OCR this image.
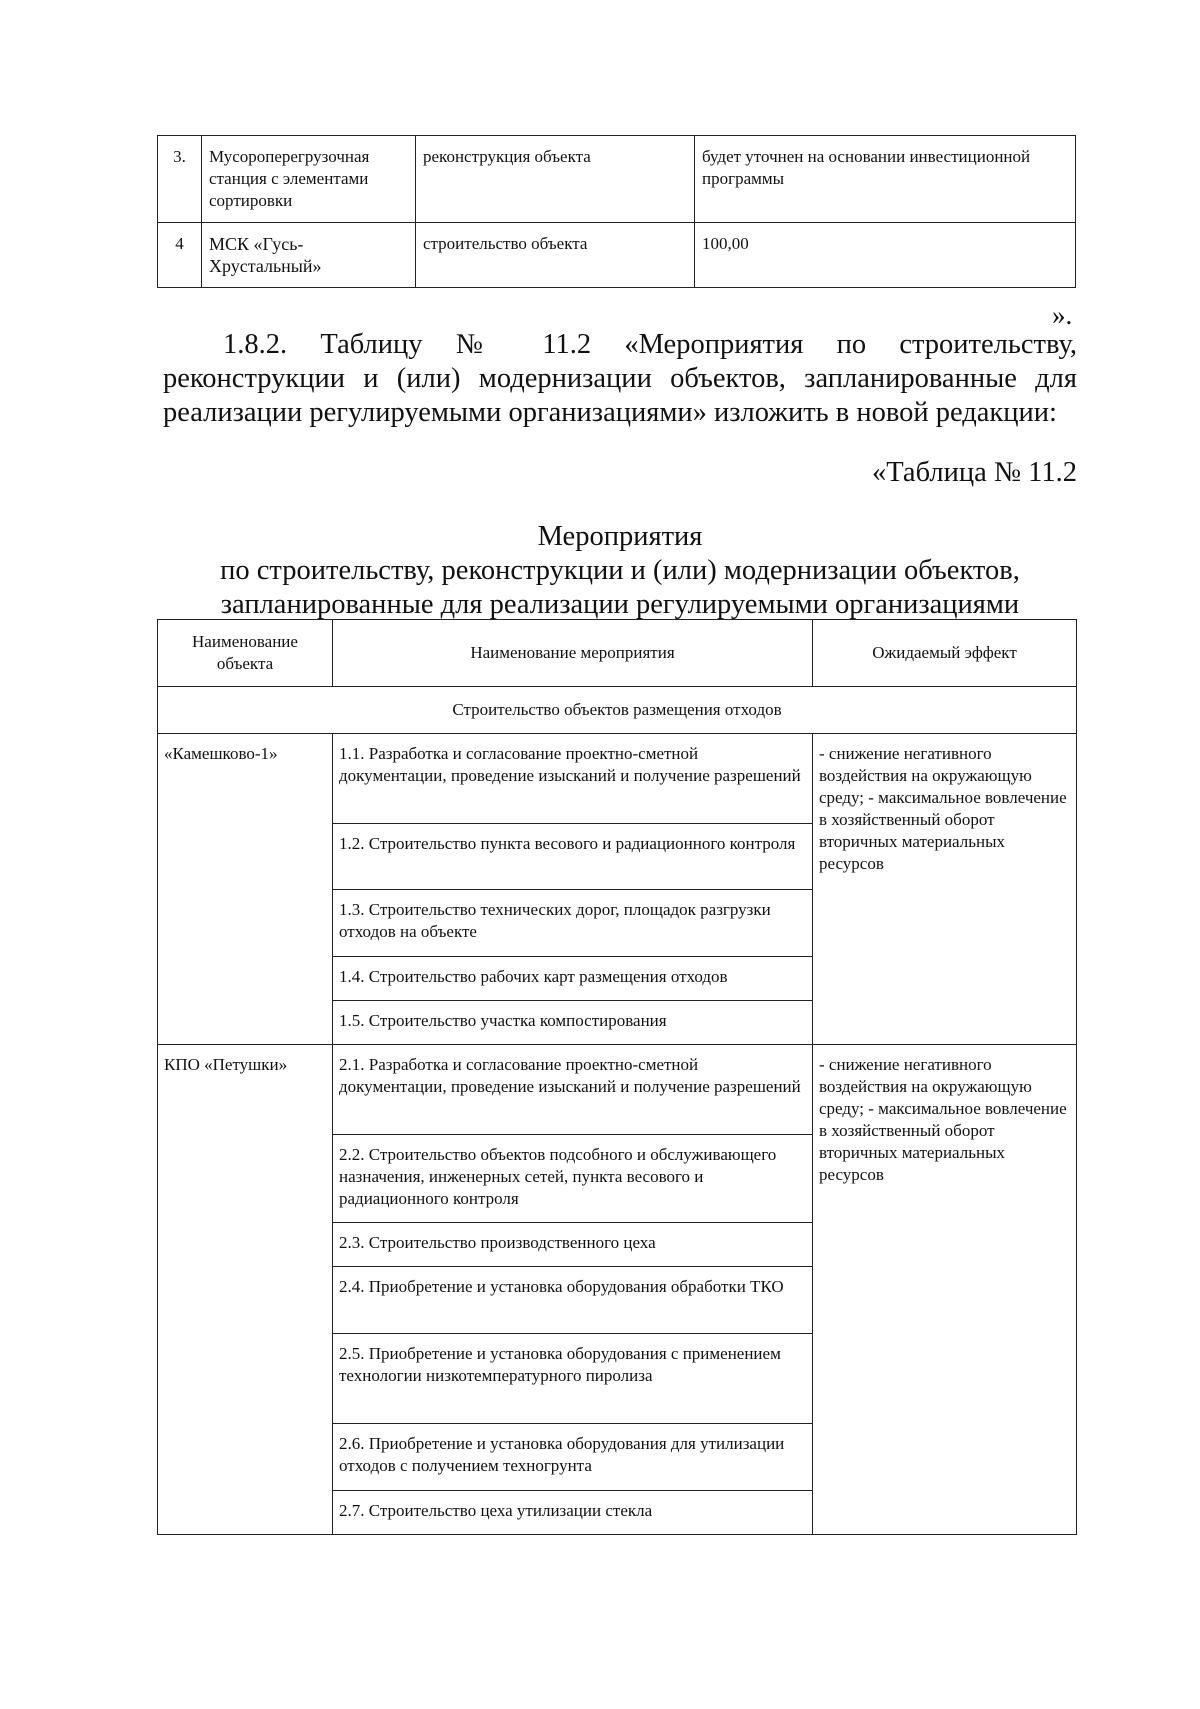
3.	Мусороперегрузочная станция с элементами сортировки	реконструкция объекта	будет уточнен на основании инвестиционной программы
4	МСК «Гусь-Хрустальный»	строительство объекта	100,00
».
1.8.2. Таблицу № 11.2 «Мероприятия по строительству,
реконструкции и (или) модернизации объектов, запланированные для
реализации регулируемыми организациями» изложить в новой редакции:
«Таблица № 11.2
Мероприятия
по строительству, реконструкции и (или) модернизации объектов,
запланированные для реализации регулируемыми организациями
Наименование объекта	Наименование мероприятия	Ожидаемый эффект
Строительство объектов размещения отходов		
«Камешково-1»	1.1. Разработка и согласование проектно-сметной документации, проведение изысканий и получение разрешений	- снижение негативного воздействия на окружающую среду; - максимальное вовлечение в хозяйственный оборот вторичных материальных ресурсов
	1.2. Строительство пункта весового и радиационного контроля	
	1.3. Строительство технических дорог, площадок разгрузки отходов на объекте	
	1.4. Строительство рабочих карт размещения отходов	
	1.5. Строительство участка компостирования	
КПО «Петушки»	2.1. Разработка и согласование проектно-сметной документации, проведение изысканий и получение разрешений	- снижение негативного воздействия на окружающую среду; - максимальное вовлечение в хозяйственный оборот вторичных материальных ресурсов
	2.2. Строительство объектов подсобного и обслуживающего назначения, инженерных сетей, пункта весового и радиационного контроля	
	2.3. Строительство производственного цеха	
	2.4. Приобретение и установка оборудования обработки ТКО	
	2.5. Приобретение и установка оборудования с применением технологии низкотемпературного пиролиза	
	2.6. Приобретение и установка оборудования для утилизации отходов с получением техногрунта	
	2.7. Строительство цеха утилизации стекла	
